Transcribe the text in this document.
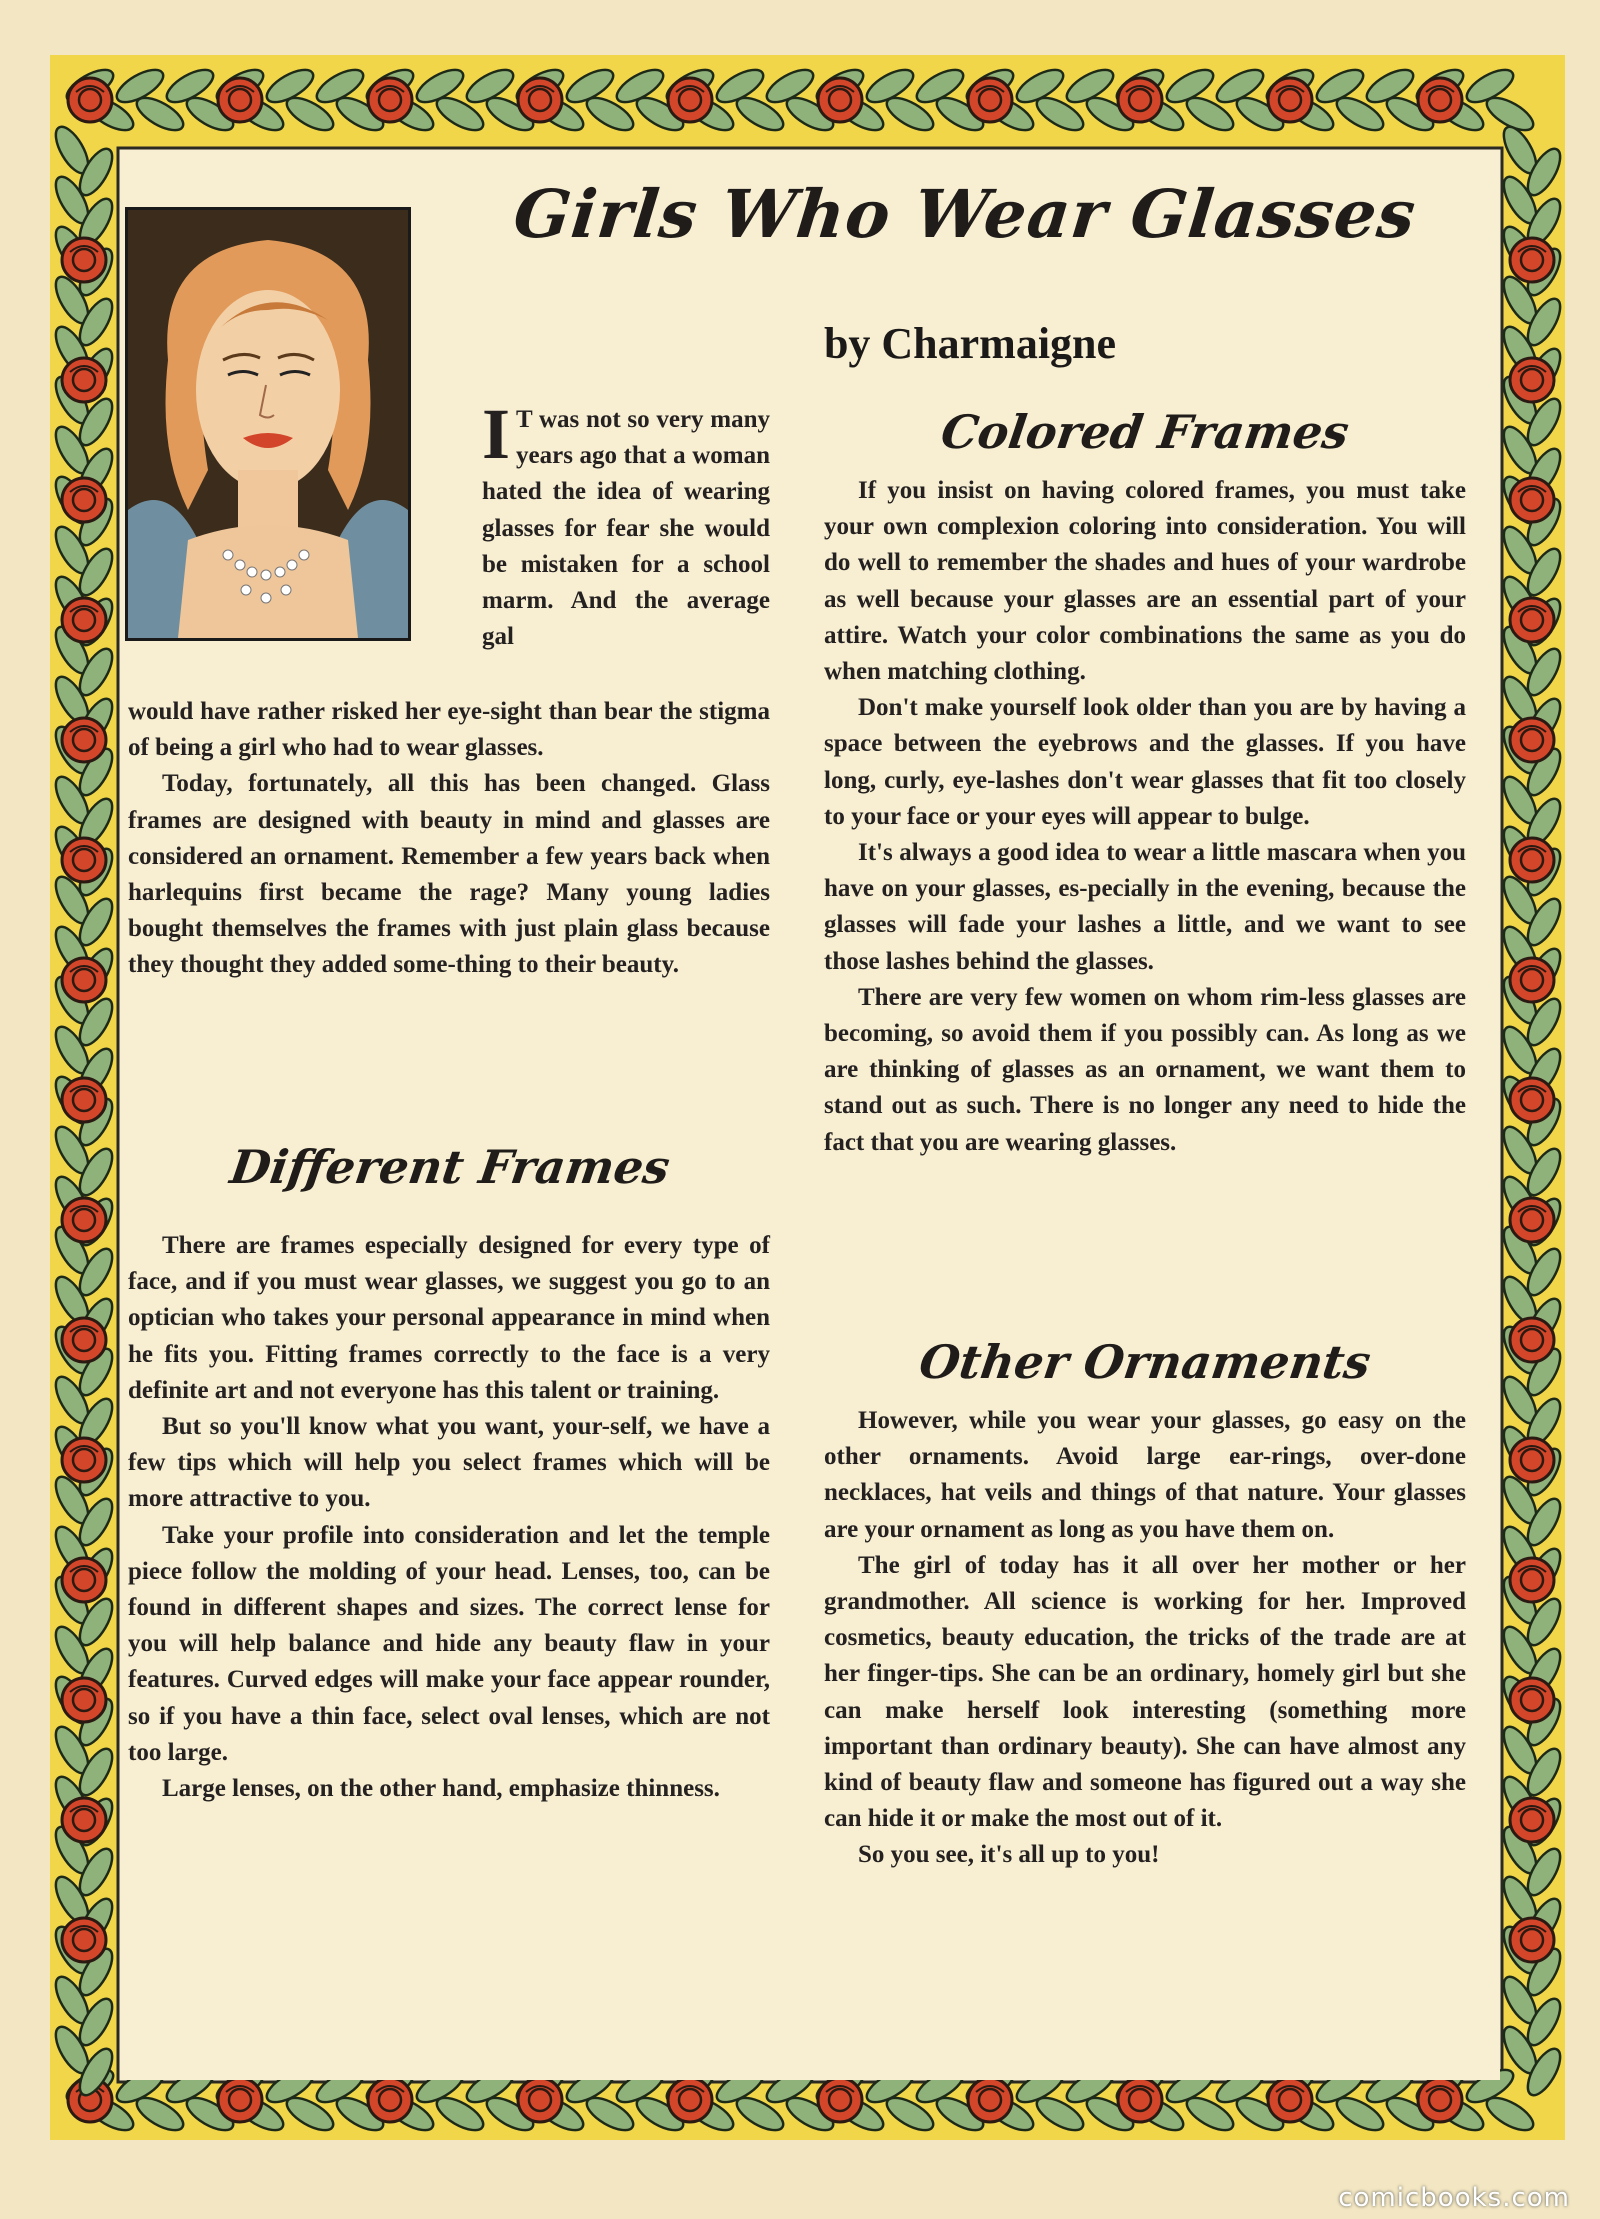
Girls Who Wear Glasses
by Charmaigne
I T was not so very many years ago that a woman hated the idea of wearing glasses for fear she would be mistaken for a school marm. And the average gal

would have rather risked her eye-sight than bear the stigma of being a girl who had to wear glasses.

Today, fortunately, all this has been changed. Glass frames are designed with beauty in mind and glasses are considered an ornament. Remember a few years back when harlequins first became the rage? Many young ladies bought themselves the frames with just plain glass because they thought they added some-thing to their beauty.

Different Frames

There are frames especially designed for every type of face, and if you must wear glasses, we suggest you go to an optician who takes your personal appearance in mind when he fits you. Fitting frames correctly to the face is a very definite art and not everyone has this talent or training.

But so you'll know what you want, your-self, we have a few tips which will help you select frames which will be more attractive to you.

Take your profile into consideration and let the temple piece follow the molding of your head. Lenses, too, can be found in different shapes and sizes. The correct lense for you will help balance and hide any beauty flaw in your features. Curved edges will make your face appear rounder, so if you have a thin face, select oval lenses, which are not too large.

Large lenses, on the other hand, emphasize thinness.

Colored Frames

If you insist on having colored frames, you must take your own complexion coloring into consideration. You will do well to remember the shades and hues of your wardrobe as well because your glasses are an essential part of your attire. Watch your color combinations the same as you do when matching clothing.

Don't make yourself look older than you are by having a space between the eyebrows and the glasses. If you have long, curly, eye-lashes don't wear glasses that fit too closely to your face or your eyes will appear to bulge.

It's always a good idea to wear a little mascara when you have on your glasses, es-pecially in the evening, because the glasses will fade your lashes a little, and we want to see those lashes behind the glasses.

There are very few women on whom rim-less glasses are becoming, so avoid them if you possibly can. As long as we are thinking of glasses as an ornament, we want them to stand out as such. There is no longer any need to hide the fact that you are wearing glasses.

Other Ornaments

However, while you wear your glasses, go easy on the other ornaments. Avoid large ear-rings, over-done necklaces, hat veils and things of that nature. Your glasses are your ornament as long as you have them on.

The girl of today has it all over her mother or her grandmother. All science is working for her. Improved cosmetics, beauty education, the tricks of the trade are at her finger-tips. She can be an ordinary, homely girl but she can make herself look interesting (something more important than ordinary beauty). She can have almost any kind of beauty flaw and someone has figured out a way she can hide it or make the most out of it.

So you see, it's all up to you!

comicbooks.com
